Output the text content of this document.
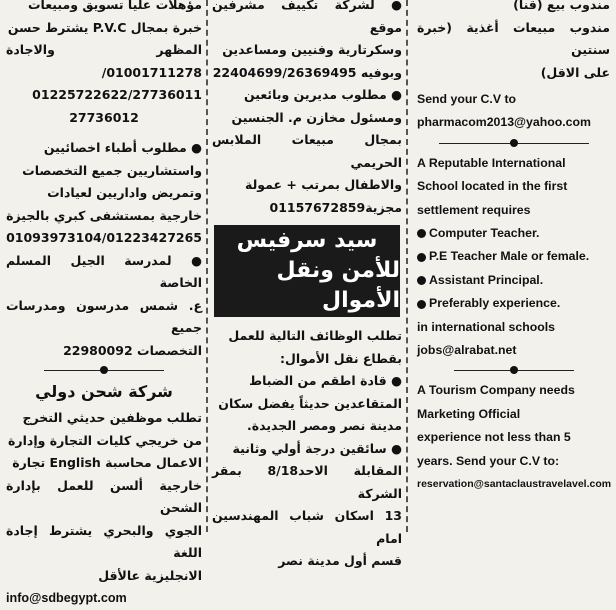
مؤهلات عليا تسويق ومبيعات

خبرة بمجال P.V.C يشترط حسن

المظهر والاجادة 01001711278/

01225722622/27736011

27736012

● مطلوب أطباء اخصائيين

واستشاريين جميع التخصصات

وتمريض واداريين لعيادات

خارجية بمستشفى كبري بالجيزة

01093973104/01223427265

● لمدرسة الجيل المسلم الخاصة

ع. شمس مدرسون ومدرسات جميع

التخصصات 22980092

شركة شحن دولي

تطلب موظفين حديثي التخرج

من خريجي كليات التجارة وإدارة

الاعمال محاسبة English تجارة

خارجية ألسن للعمل بإدارة الشحن

الجوي والبحري يشترط إجادة اللغة

الانجليزية عالأقل

info@sdbegypt.com

● لشركة تكييف مشرفين موقع

وسكرتارية وفنيين ومساعدين

وبوفيه 22404699/26369495

● مطلوب مديرين وبائعين

ومسئول مخازن م. الجنسين

بمجال مبيعات الملابس الحريمي

والاطفال بمرتب + عمولة

مجزية01157672859

سيد سرفيس
للأمن ونقل الأموال

تطلب الوظائف التالية للعمل

بقطاع نقل الأموال:

● قادة اطقم من الضباط

المتقاعدين حديثاً يفضل سكان

مدينة نصر ومصر الجديدة.

● سائقين درجة أولي وثانية

المقابلة الاحد8/18 بمقر الشركة

13 اسكان شباب المهندسين امام

قسم أول مدينة نصر

مندوب بيع (قنا)

مندوب مبيعات أغذية (خبرة سنتين

على الاقل)

Send your C.V to

pharmacom2013@yahoo.com

A Reputable International

School located in the first

settlement requires

Computer Teacher.

P.E Teacher Male or female.

Assistant Principal.

Preferably experience.

in international schools

jobs@alrabat.net

A Tourism Company needs

Marketing Official

experience not less than 5

years. Send your C.V to:

reservation@santaclaustravelavel.com
